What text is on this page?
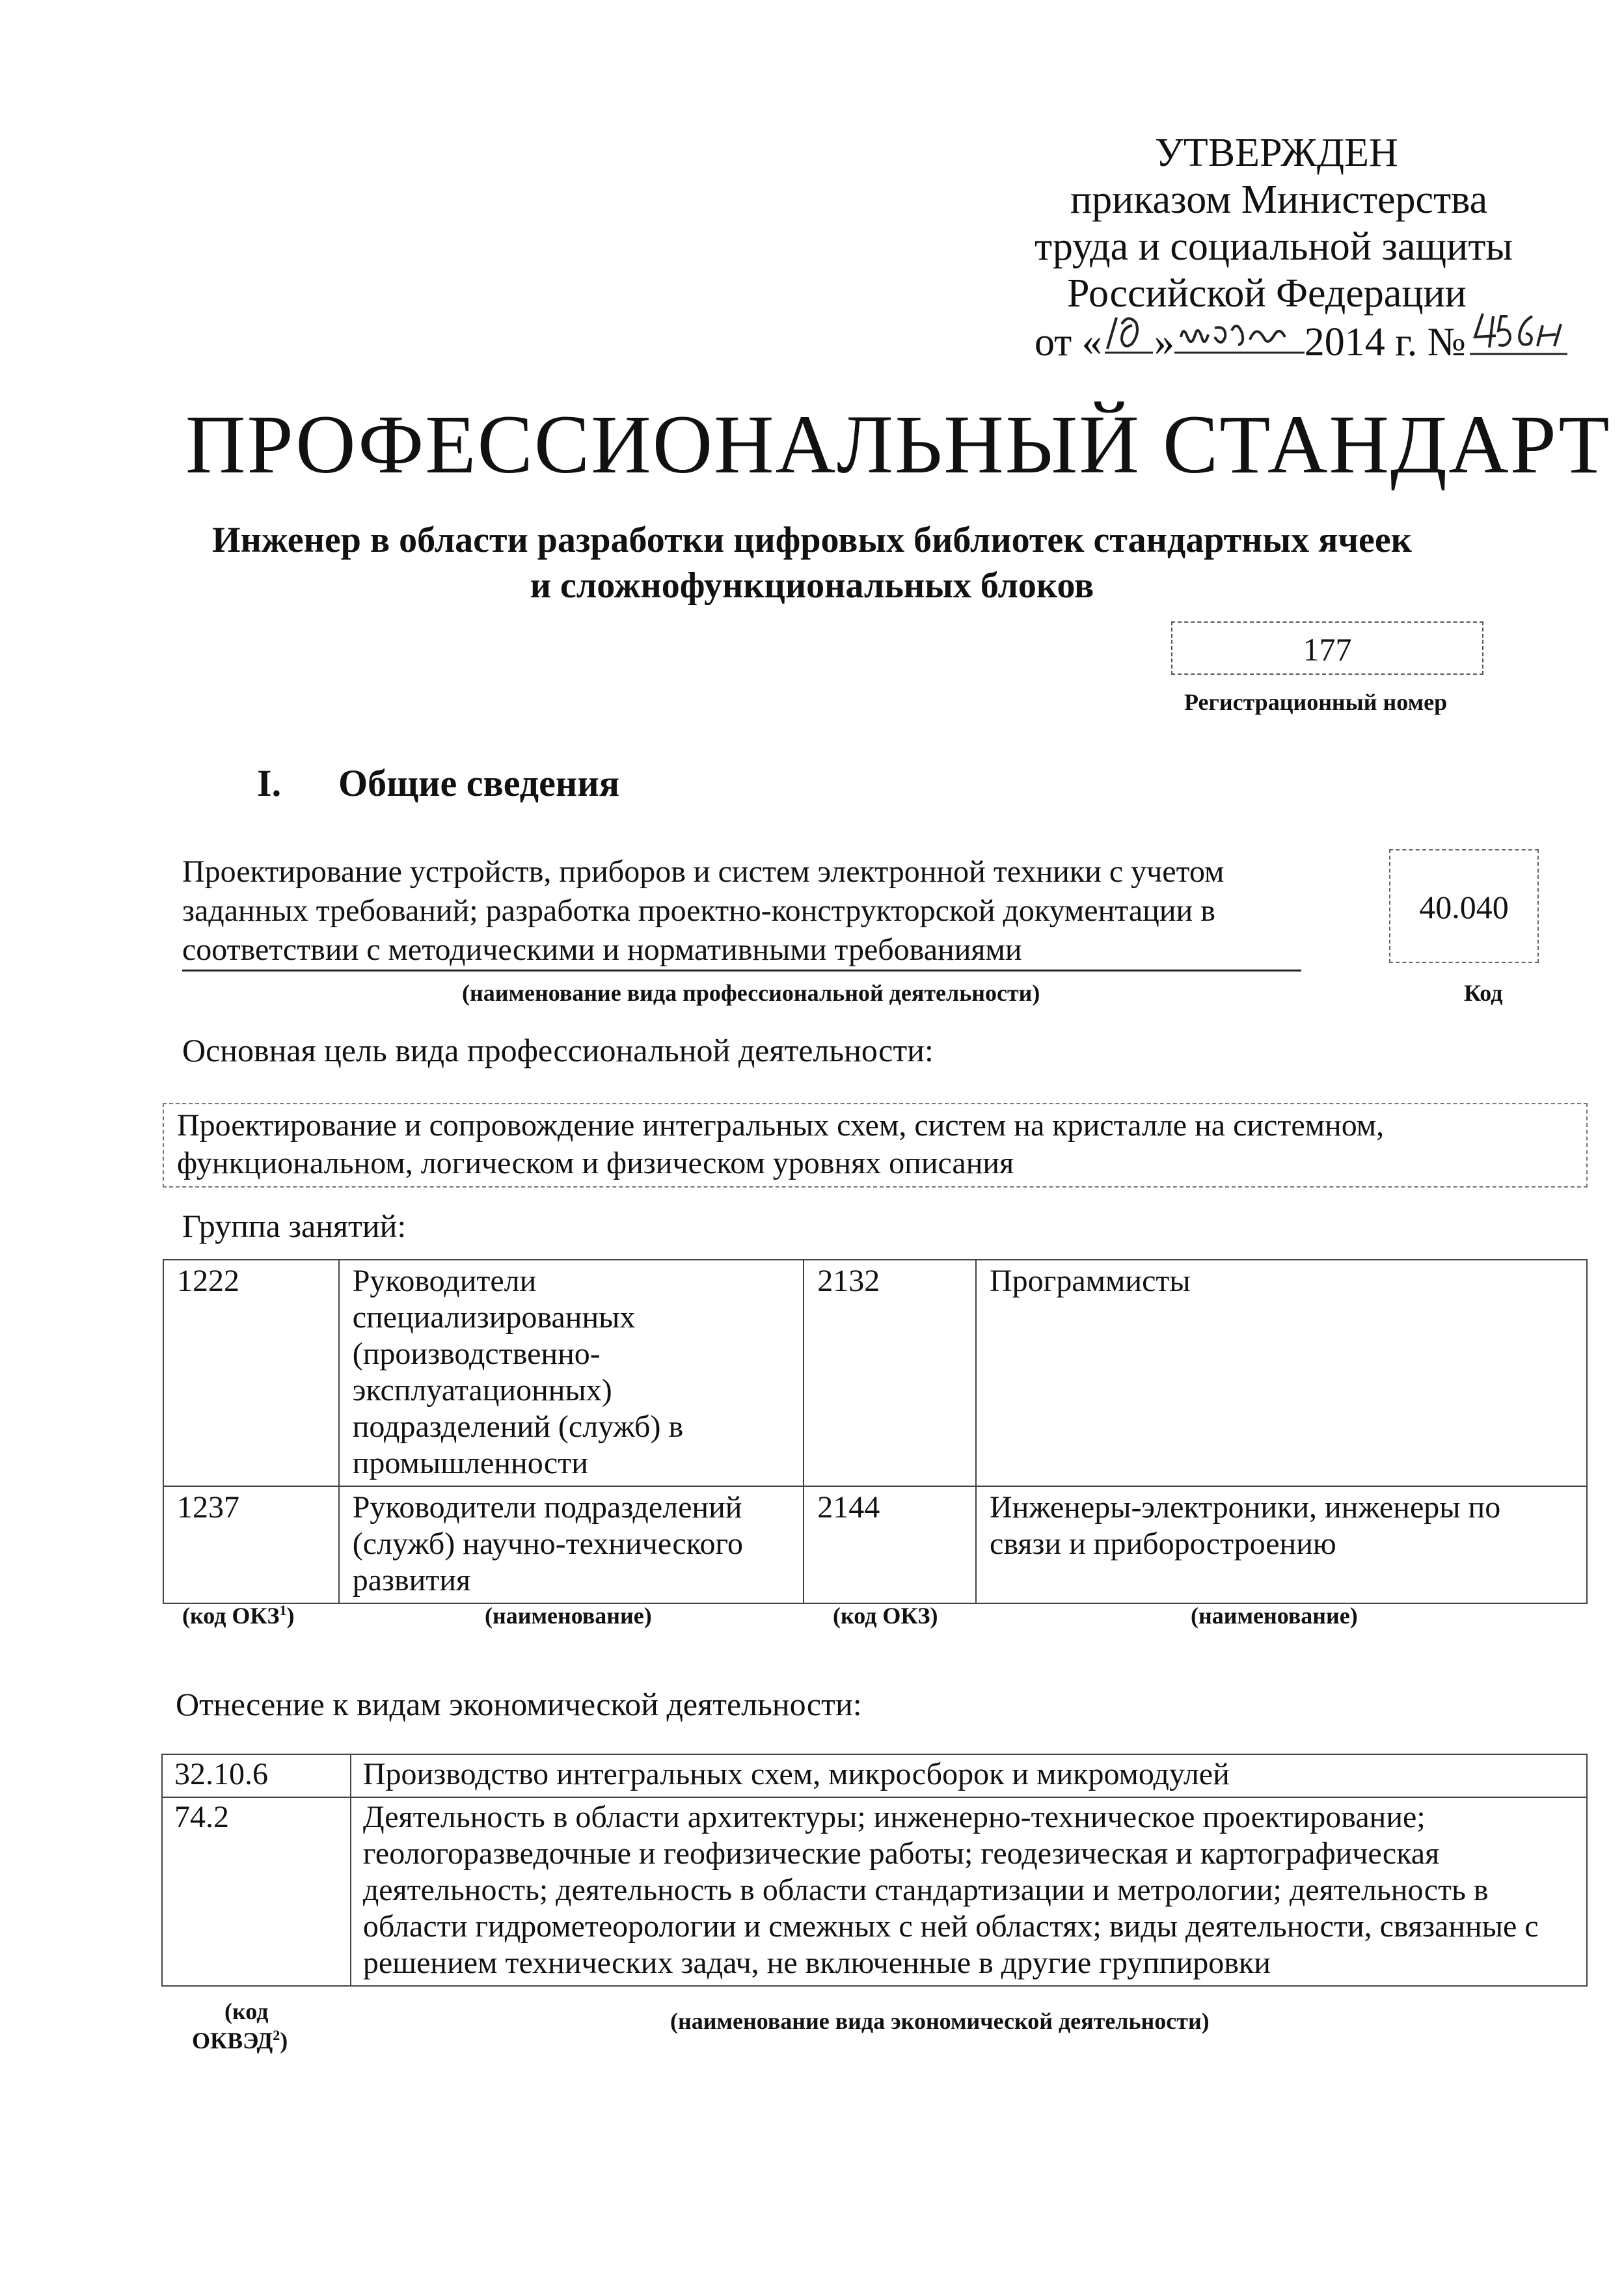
УТВЕРЖДЕН
приказом Министерства
труда и социальной защиты
Российской Федерации
от « »	2014 г. №
ПРОФЕССИОНАЛЬНЫЙ СТАНДАРТ
Инженер в области разработки цифровых библиотек стандартных ячеек
и сложнофункциональных блоков
177
Регистрационный номер
I. Общие сведения
Проектирование устройств, приборов и систем электронной техники с учетом
заданных требований; разработка проектно-конструкторской документации в
соответствии с методическими и нормативными требованиями
(наименование вида профессиональной деятельности)
40.040
Код
Основная цель вида профессиональной деятельности:
Проектирование и сопровождение интегральных схем, систем на кристалле на системном,
функциональном, логическом и физическом уровнях описания
Группа занятий:
1222	Руководители специализированных (производственно-эксплуатационных) подразделений (служб) в промышленности	2132	Программисты
1237	Руководители подразделений (служб) научно-технического развития	2144	Инженеры-электроники, инженеры по связи и приборостроению
(код ОКЗ$^1$)	(наименование)	(код ОКЗ)	(наименование)
Отнесение к видам экономической деятельности:
32.10.6	Производство интегральных схем, микросборок и микромодулей
74.2	Деятельность в области архитектуры; инженерно-техническое проектирование; геологоразведочные и геофизические работы; геодезическая и картографическая деятельность; деятельность в области стандартизации и метрологии; деятельность в области гидрометеорологии и смежных с ней областях; виды деятельности, связанные с решением технических задач, не включенные в другие группировки
(код
ОКВЭД$^2$)
(наименование вида экономической деятельности)
